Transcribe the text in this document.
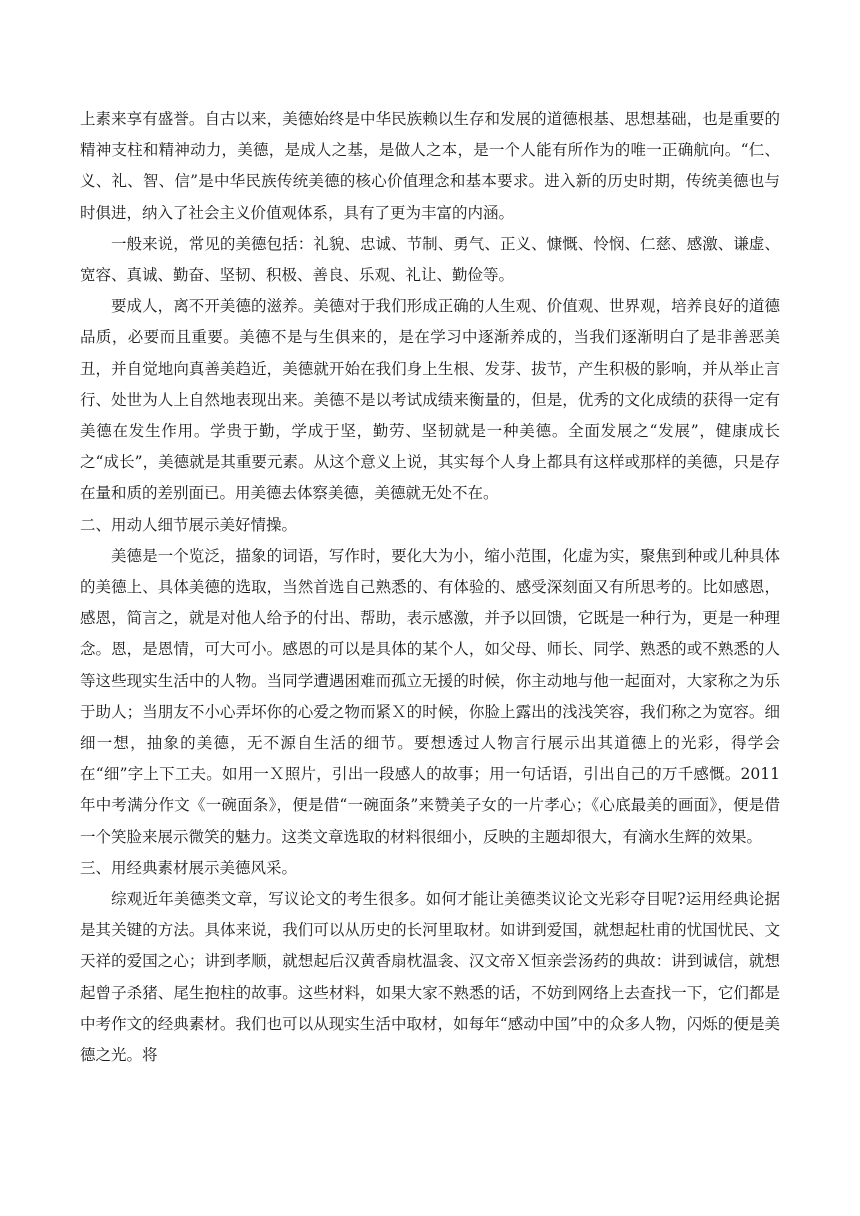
上素来享有盛誉。自古以来，美德始终是中华民族赖以生存和发展的道德根基、思想基础，也是重要的精神支柱和精神动力，美德，是成人之基，是做人之本，是一个人能有所作为的唯一正确航向。“仁、义、礼、智、信”是中华民族传统美德的核心价值理念和基本要求。进入新的历史时期，传统美德也与时俱进，纳入了社会主义价值观体系，具有了更为丰富的内涵。

一般来说，常见的美德包括：礼貌、忠诚、节制、勇气、正义、慷慨、怜悯、仁慈、感激、谦虚、宽容、真诚、勤奋、坚韧、积极、善良、乐观、礼让、勤俭等。

要成人，离不开美德的滋养。美德对于我们形成正确的人生观、价值观、世界观，培养良好的道德品质，必要而且重要。美德不是与生俱来的，是在学习中逐渐养成的，当我们逐渐明白了是非善恶美丑，并自觉地向真善美趋近，美德就开始在我们身上生根、发芽、拔节，产生积极的影响，并从举止言行、处世为人上自然地表现出来。美德不是以考试成绩来衡量的，但是，优秀的文化成绩的获得一定有美德在发生作用。学贵于勤，学成于坚，勤劳、坚韧就是一种美德。全面发展之“发展”，健康成长之“成长”，美德就是其重要元素。从这个意义上说，其实每个人身上都具有这样或那样的美德，只是存在量和质的差别面已。用美德去体察美德，美德就无处不在。

二、用动人细节展示美好情操。

美德是一个览泛，描象的词语，写作时，要化大为小，缩小范围，化虚为实，聚焦到种或儿种具体的美德上、具体美德的选取，当然首选自己熟悉的、有体验的、感受深刻面又有所思考的。比如感恩，感恩，简言之，就是对他人给予的付出、帮助，表示感激，并予以回馈，它既是一种行为，更是一种理念。恩，是恩情，可大可小。感恩的可以是具体的某个人，如父母、师长、同学、熟悉的或不熟悉的人等这些现实生活中的人物。当同学遭遇困难而孤立无援的时候，你主动地与他一起面对，大家称之为乐于助人；当朋友不小心弄坏你的心爱之物而紧Ｘ的时候，你脸上露出的浅浅笑容，我们称之为宽容。细细一想，抽象的美德，无不源自生活的细节。要想透过人物言行展示出其道德上的光彩，得学会在“细”字上下工夫。如用一Ｘ照片，引出一段感人的故事；用一句话语，引出自己的万千感慨。2011年中考满分作文《一碗面条》，便是借“一碗面条”来赞美子女的一片孝心；《心底最美的画面》，便是借一个笑脸来展示微笑的魅力。这类文章选取的材料很细小，反映的主题却很大，有滴水生辉的效果。

三、用经典素材展示美德风采。

综观近年美德类文章，写议论文的考生很多。如何才能让美德类议论文光彩夺目呢?运用经典论据是其关键的方法。具体来说，我们可以从历史的长河里取材。如讲到爱国，就想起杜甫的忧国忧民、文天祥的爱国之心；讲到孝顺，就想起后汉黄香扇枕温衾、汉文帝Ｘ恒亲尝汤药的典故：讲到诚信，就想起曾子杀猪、尾生抱柱的故事。这些材料，如果大家不熟悉的话，不妨到网络上去查找一下，它们都是中考作文的经典素材。我们也可以从现实生活中取材，如每年“感动中国”中的众多人物，闪烁的便是美德之光。将
